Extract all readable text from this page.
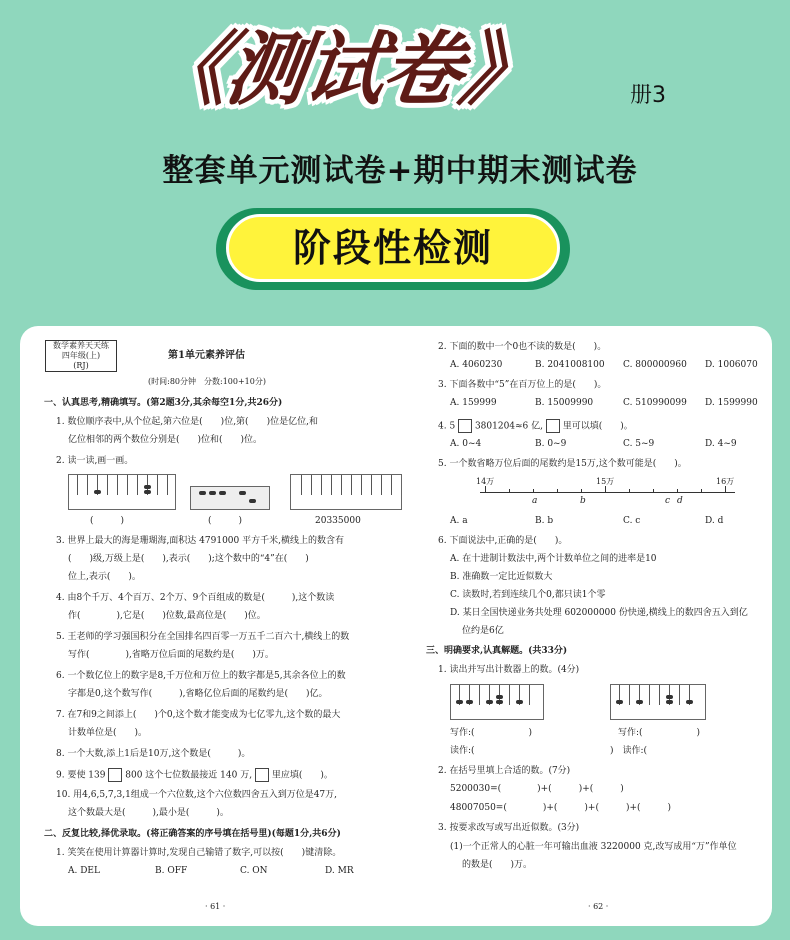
《测试卷》	册3
整套单元测试卷+期中期末测试卷
阶段性检测
数学素养天天练
四年级(上)
(RJ)
第1单元素养评估
(时间:80分钟　分数:100+10分)
一、认真思考,精确填写。(第2题3分,其余每空1分,共26分)
1. 数位顺序表中,从个位起,第六位是(　　)位,第(　　)位是亿位,和
亿位相邻的两个数位分别是(　　)位和(　　)位。
2. 读一读,画一画。
(　　　)	(　　　)	20335000
3. 世界上最大的海是珊瑚海,面积达 4791000 平方千米,横线上的数含有
(　　)级,万级上是(　　),表示(　　);这个数中的“4”在(　　)
位上,表示(　　)。
4. 由8个千万、4个百万、2个万、9个百组成的数是(　　　),这个数读
作(　　　　),它是(　　)位数,最高位是(　　)位。
5. 王老师的学习强国积分在全国排名四百零一万五千二百六十,横线上的数
写作(　　　　),省略万位后面的尾数约是(　　)万。
6. 一个数亿位上的数字是8,千万位和万位上的数字都是5,其余各位上的数
字都是0,这个数写作(　　　),省略亿位后面的尾数约是(　　)亿。
7. 在7和9之间添上(　　)个0,这个数才能变成为七亿零九,这个数的最大
计数单位是(　　)。
8. 一个大数,添上1后是10万,这个数是(　　　)。
9. 要使 139 800 这个七位数最接近 140 万, 里应填(　　)。
10. 用4,6,5,7,3,1组成一个六位数,这个六位数四舍五入到万位是47万,
这个数最大是(　　　),最小是(　　　)。
二、反复比较,择优录取。(将正确答案的序号填在括号里)(每题1分,共6分)
1. 笑笑在使用计算器计算时,发现自己输错了数字,可以按(　　)键清除。
A. DEL	B. OFF	C. ON	D. MR
· 61 ·
2. 下面的数中一个0也不读的数是(　　)。
A. 4060230	B. 2041008100 C. 800000960 D. 1006070
3. 下面各数中“5”在百万位上的是(　　)。
A. 159999	B. 15009990	C. 510990099 D. 1599990
4. 5 3801204≈6 亿, 里可以填(　　)。
A. 0~4	B. 0~9	C. 5~9	D. 4~9
5. 一个数省略万位后面的尾数约是15万,这个数可能是(　　)。
14万	15万	16万
a	b	c d
A. a	B. b	C. c	D. d
6. 下面说法中,正确的是(　　)。
A. 在十进制计数法中,两个计数单位之间的进率是10
B. 准确数一定比近似数大
C. 读数时,若到连续几个0,都只读1个零
D. 某日全国快递业务共处理 602000000 份快递,横线上的数四舍五入到亿
位约是6亿
三、明确要求,认真解题。(共33分)
1. 读出并写出计数器上的数。(4分)
写作:(　　　　　　)	写作:(　　　　　　)
读作:(　　　　　　　　　　　	)　读作:(　　　　　　　　　　　
2. 在括号里填上合适的数。(7分)
5200030=(　　　　)+(　　　)+(　　　)
48007050=(　　　　)+(　　　)+(　　　)+(　　　)
3. 按要求改写或写出近似数。(3分)
(1)一个正常人的心脏一年可输出血液 3220000 克,改写成用“万”作单位
的数是(　　)万。
· 62 ·
